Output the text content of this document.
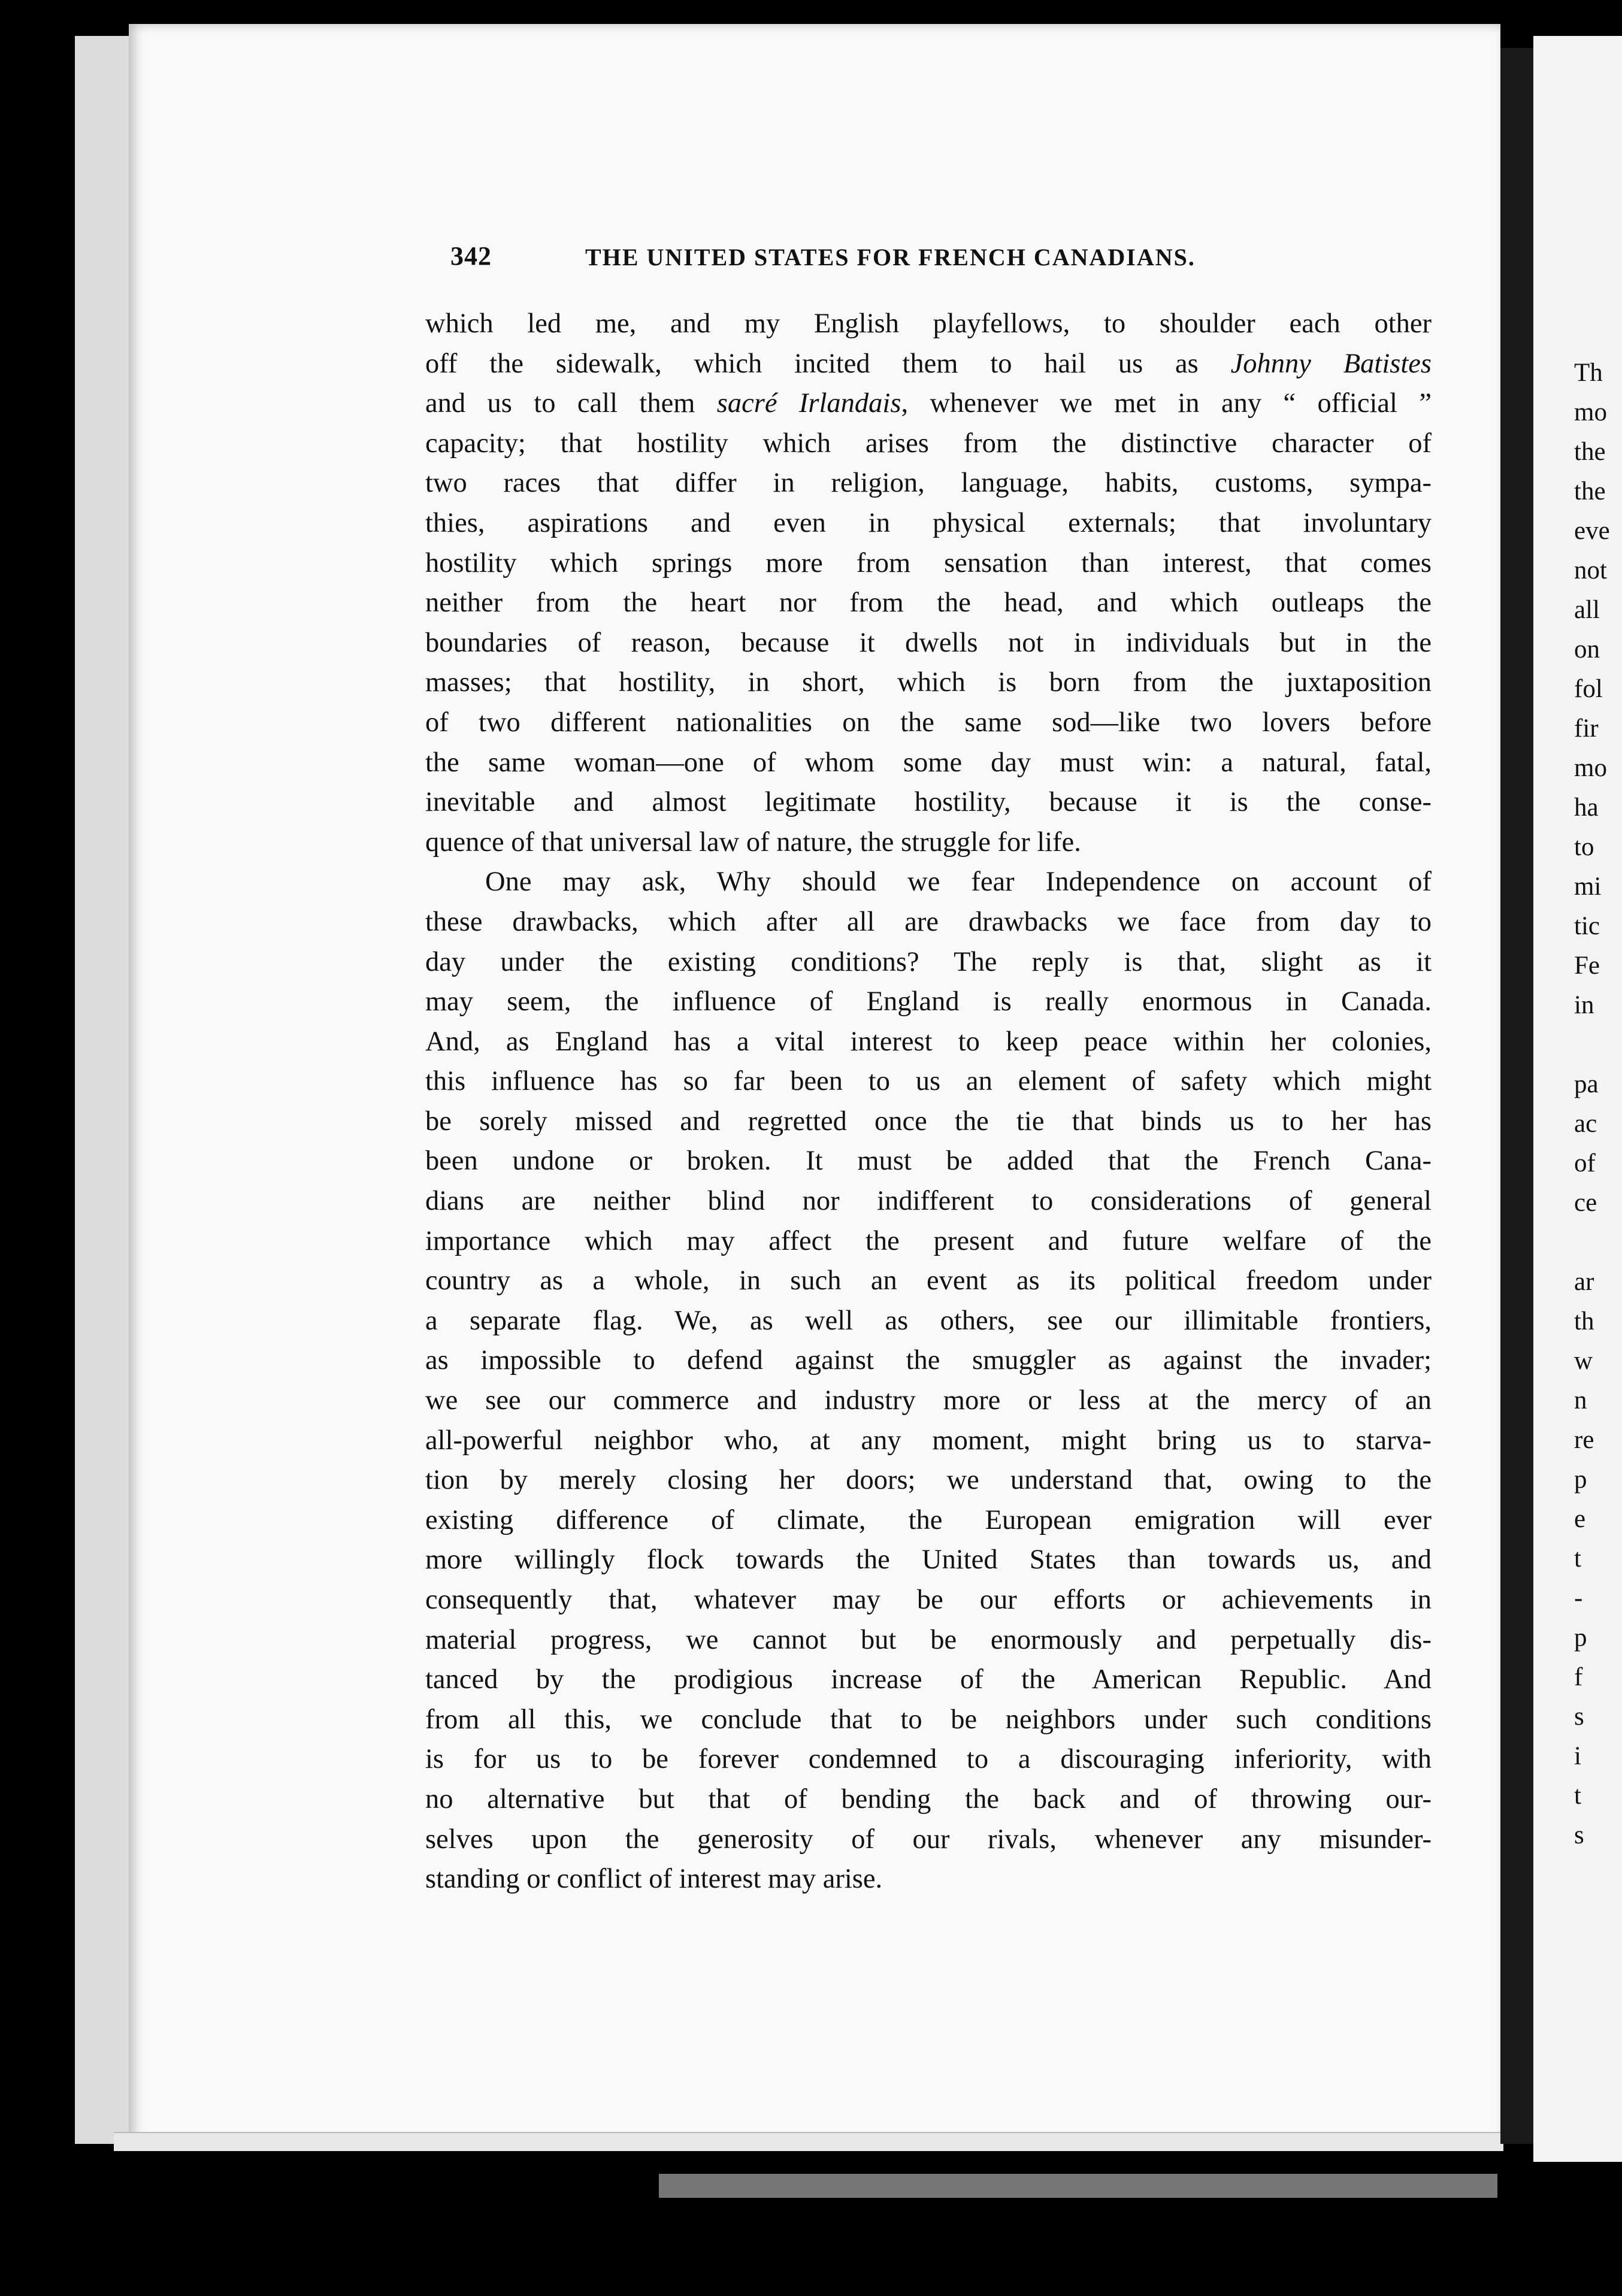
Th
mo
the
the
eve
not
all
on
fol
fir
mo
ha
to
mi
tic
Fe
in

pa
ac
of
ce

ar
th
w
n
re
p
e
t
-
p
f
s
i
t
s
342	THE UNITED STATES FOR FRENCH CANADIANS.
which led me, and my English playfellows, to shoulder each other
off the sidewalk, which incited them to hail us as Johnny Batistes
and us to call them sacré Irlandais, whenever we met in any “ official ”
capacity; that hostility which arises from the distinctive character of
two races that differ in religion, language, habits, customs, sympa-
thies, aspirations and even in physical externals; that involuntary
hostility which springs more from sensation than interest, that comes
neither from the heart nor from the head, and which outleaps the
boundaries of reason, because it dwells not in individuals but in the
masses; that hostility, in short, which is born from the juxtaposition
of two different nationalities on the same sod—like two lovers before
the same woman—one of whom some day must win: a natural, fatal,
inevitable and almost legitimate hostility, because it is the conse-
quence of that universal law of nature, the struggle for life.
One may ask, Why should we fear Independence on account of
these drawbacks, which after all are drawbacks we face from day to
day under the existing conditions? The reply is that, slight as it
may seem, the influence of England is really enormous in Canada.
And, as England has a vital interest to keep peace within her colonies,
this influence has so far been to us an element of safety which might
be sorely missed and regretted once the tie that binds us to her has
been undone or broken. It must be added that the French Cana-
dians are neither blind nor indifferent to considerations of general
importance which may affect the present and future welfare of the
country as a whole, in such an event as its political freedom under
a separate flag. We, as well as others, see our illimitable frontiers,
as impossible to defend against the smuggler as against the invader;
we see our commerce and industry more or less at the mercy of an
all-powerful neighbor who, at any moment, might bring us to starva-
tion by merely closing her doors; we understand that, owing to the
existing difference of climate, the European emigration will ever
more willingly flock towards the United States than towards us, and
consequently that, whatever may be our efforts or achievements in
material progress, we cannot but be enormously and perpetually dis-
tanced by the prodigious increase of the American Republic. And
from all this, we conclude that to be neighbors under such conditions
is for us to be forever condemned to a discouraging inferiority, with
no alternative but that of bending the back and of throwing our-
selves upon the generosity of our rivals, whenever any misunder-
standing or conflict of interest may arise.
